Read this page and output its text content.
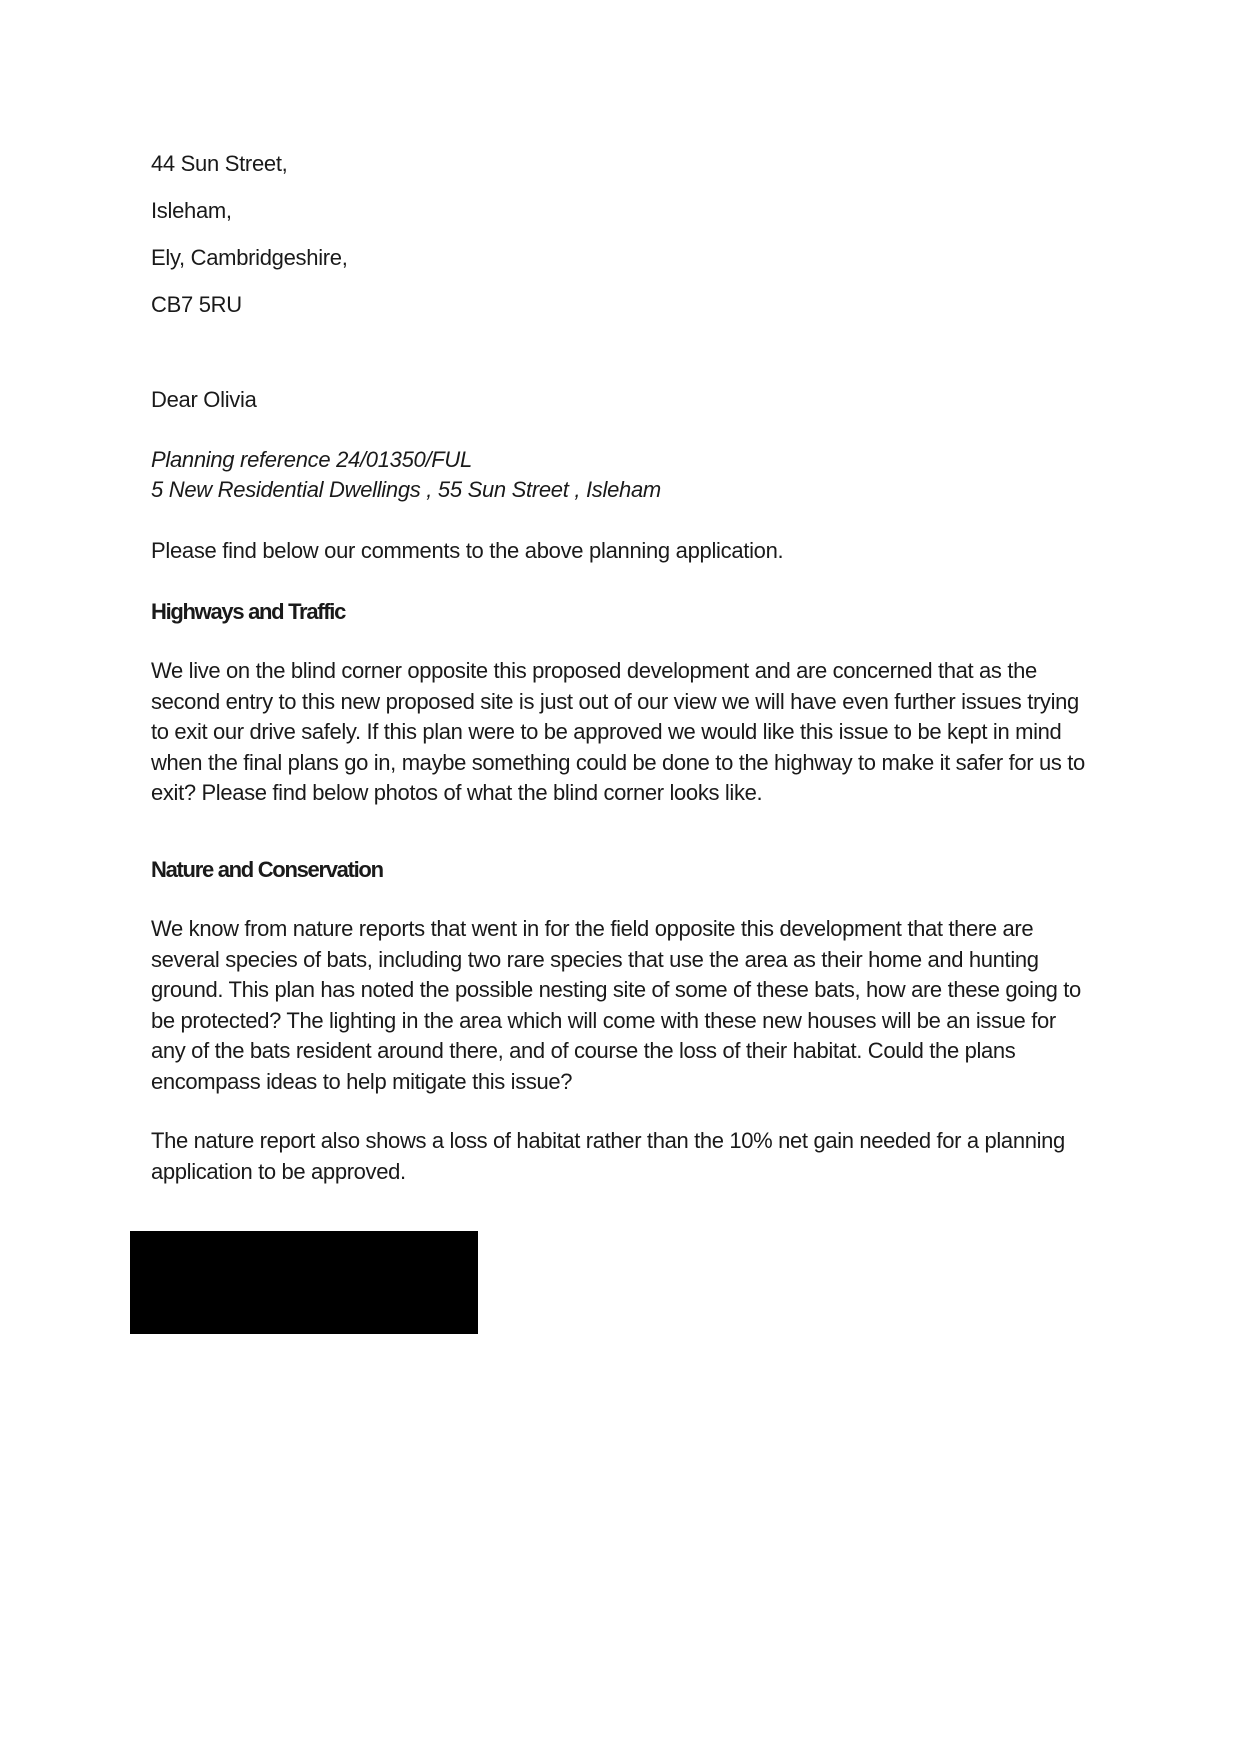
44 Sun Street,
Isleham,
Ely, Cambridgeshire,
CB7 5RU
Dear Olivia
Planning reference 24/01350/FUL
5 New Residential Dwellings , 55 Sun Street , Isleham
Please find below our comments to the above planning application.
Highways and Traffic
We live on the blind corner opposite this proposed development and are concerned that as the
second entry to this new proposed site is just out of our view we will have even further issues trying
to exit our drive safely. If this plan were to be approved we would like this issue to be kept in mind
when the final plans go in, maybe something could be done to the highway to make it safer for us to
exit? Please find below photos of what the blind corner looks like.
Nature and Conservation
We know from nature reports that went in for the field opposite this development that there are
several species of bats, including two rare species that use the area as their home and hunting
ground. This plan has noted the possible nesting site of some of these bats, how are these going to
be protected? The lighting in the area which will come with these new houses will be an issue for
any of the bats resident around there, and of course the loss of their habitat. Could the plans
encompass ideas to help mitigate this issue?
The nature report also shows a loss of habitat rather than the 10% net gain needed for a planning
application to be approved.
